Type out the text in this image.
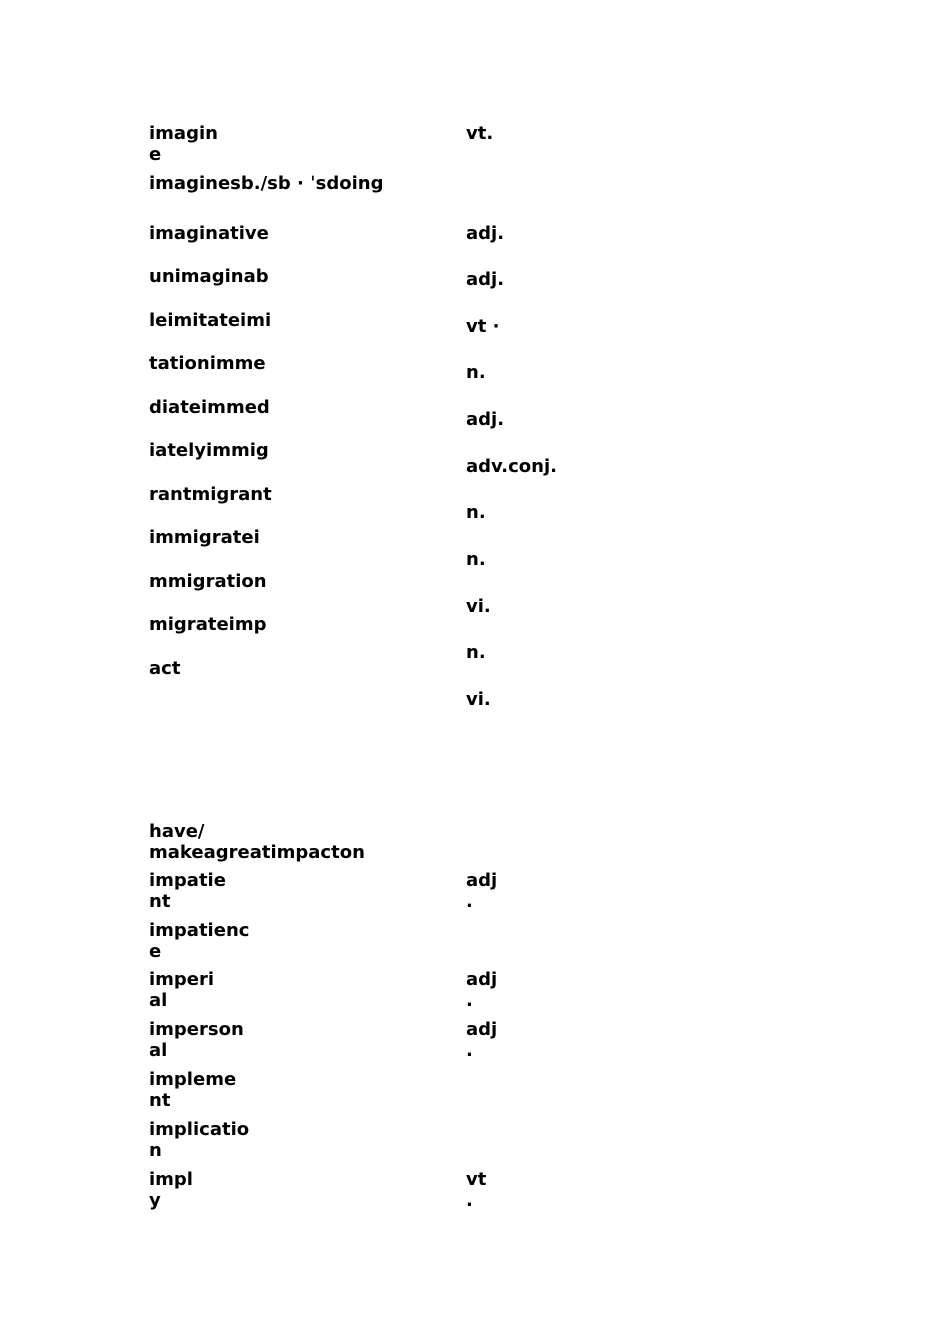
imagin
e
imaginesb./sb · ˈsdoing
imaginative
unimaginab
leimitateimi
tationimme
diateimmed
iatelyimmig
rantmigrant
immigratei
mmigration
migrateimp
act
vt.
adj.
adj.
vt ·
n.
adj.
adv.conj.
n.
n.
vi.
n.
vi.
have/
makeagreatimpacton
impatie
nt
impatienc
e
imperi
al
imperson
al
impleme
nt
implicatio
n
impl
y
adj
.
adj
.
adj
.
vt
.
